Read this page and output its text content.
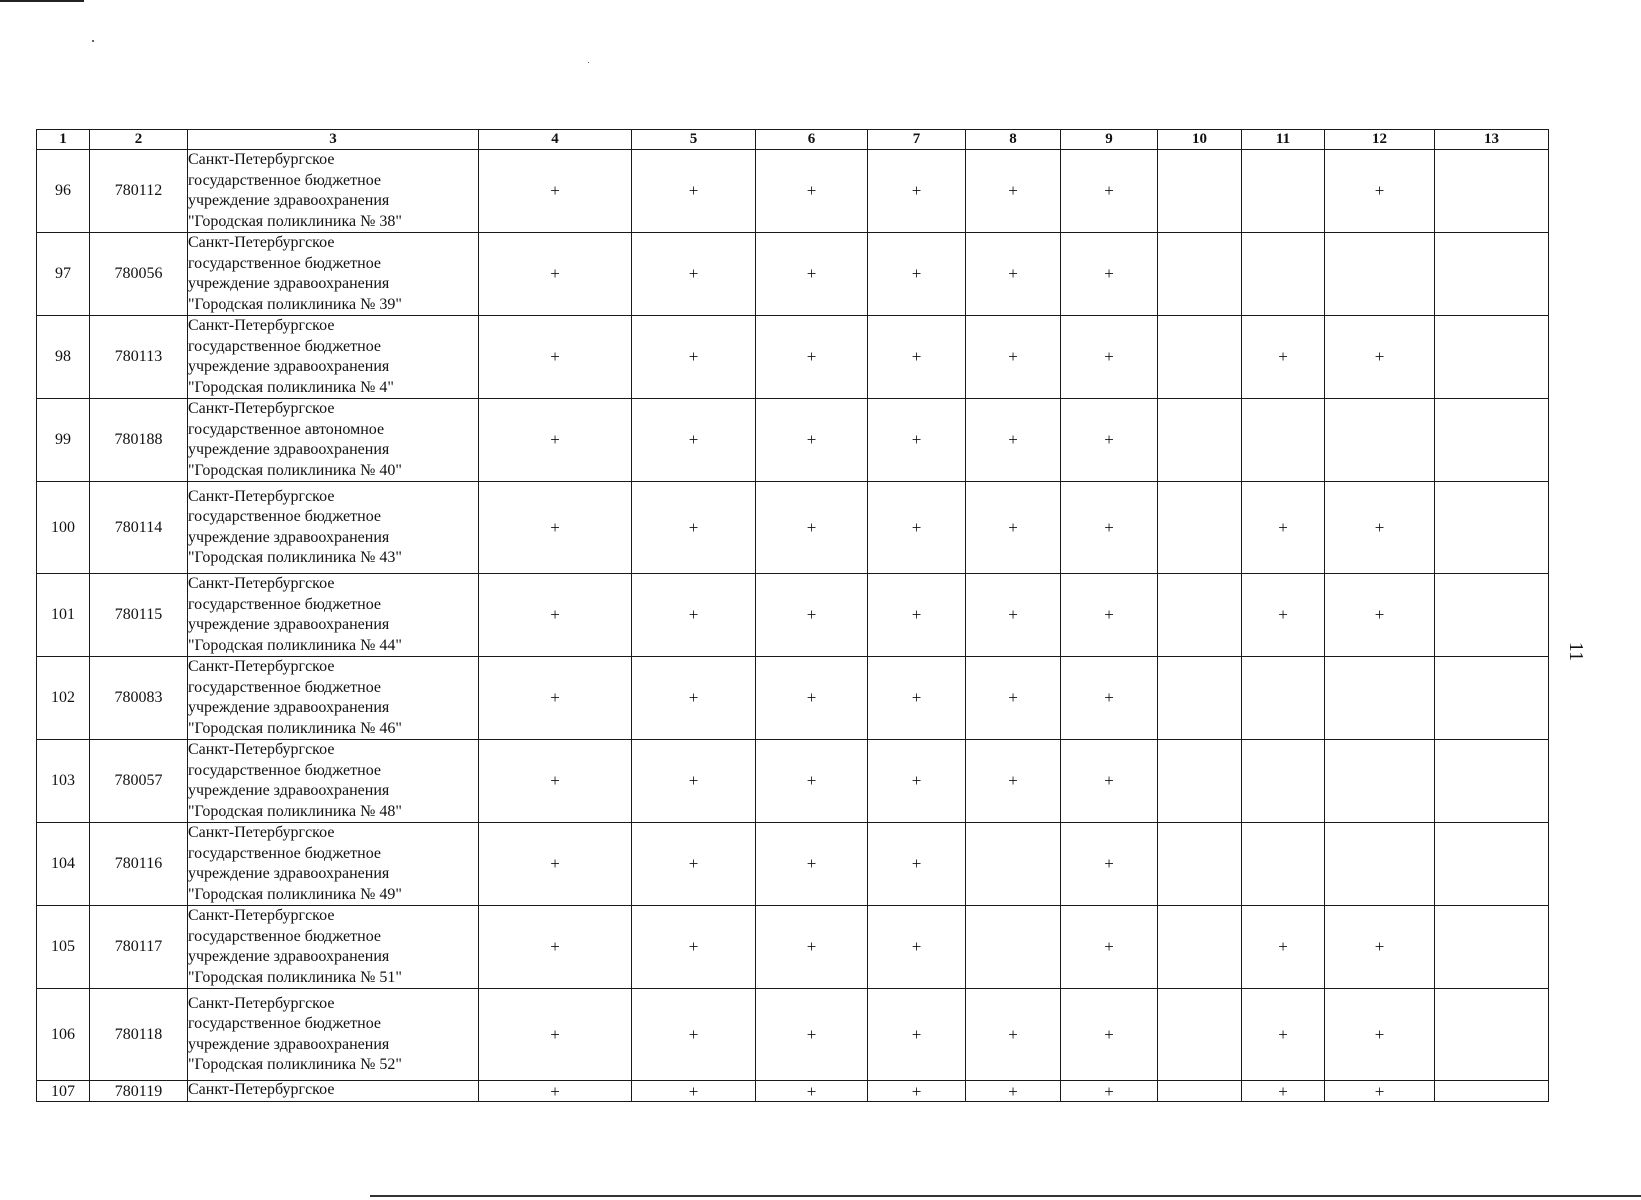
11
1	2	3	4	5	6	7	8	9	10	11	12	13
96	780112	Санкт-Петербургское
государственное бюджетное
учреждение здравоохранения
"Городская поликлиника № 38"	+	+	+	+	+	+			+	
97	780056	Санкт-Петербургское
государственное бюджетное
учреждение здравоохранения
"Городская поликлиника № 39"	+	+	+	+	+	+				
98	780113	Санкт-Петербургское
государственное бюджетное
учреждение здравоохранения
"Городская поликлиника № 4"	+	+	+	+	+	+		+	+	
99	780188	Санкт-Петербургское
государственное автономное
учреждение здравоохранения
"Городская поликлиника № 40"	+	+	+	+	+	+				
100	780114	Санкт-Петербургское
государственное бюджетное
учреждение здравоохранения
"Городская поликлиника № 43"	+	+	+	+	+	+		+	+	
101	780115	Санкт-Петербургское
государственное бюджетное
учреждение здравоохранения
"Городская поликлиника № 44"	+	+	+	+	+	+		+	+	
102	780083	Санкт-Петербургское
государственное бюджетное
учреждение здравоохранения
"Городская поликлиника № 46"	+	+	+	+	+	+				
103	780057	Санкт-Петербургское
государственное бюджетное
учреждение здравоохранения
"Городская поликлиника № 48"	+	+	+	+	+	+				
104	780116	Санкт-Петербургское
государственное бюджетное
учреждение здравоохранения
"Городская поликлиника № 49"	+	+	+	+		+				
105	780117	Санкт-Петербургское
государственное бюджетное
учреждение здравоохранения
"Городская поликлиника № 51"	+	+	+	+		+		+	+	
106	780118	Санкт-Петербургское
государственное бюджетное
учреждение здравоохранения
"Городская поликлиника № 52"	+	+	+	+	+	+		+	+	
107	780119	Санкт-Петербургское	+	+	+	+	+	+		+	+	
